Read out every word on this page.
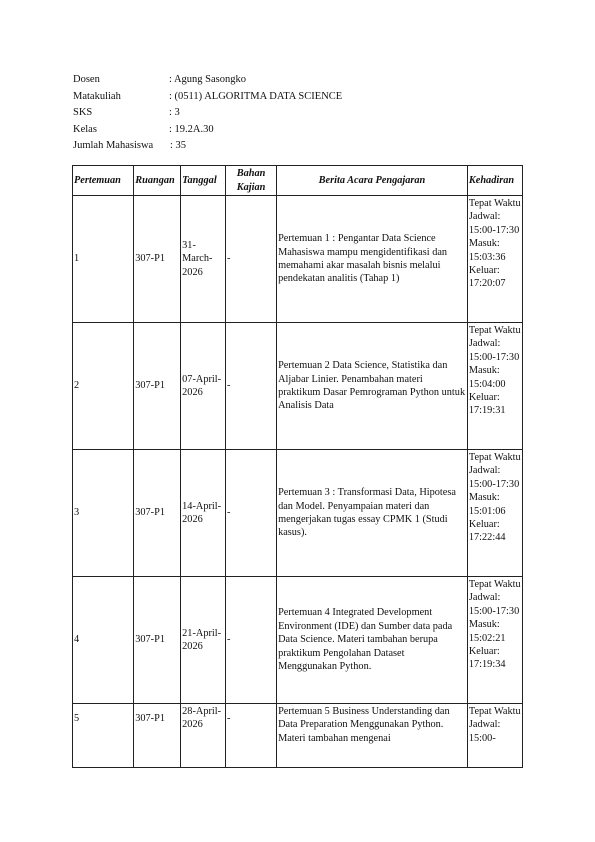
Dosen	: Agung Sasongko
Matakuliah	: (0511) ALGORITMA DATA SCIENCE
SKS	: 3
Kelas	: 19.2A.30
Jumlah Mahasiswa : 35
Pertemuan	Ruangan	Tanggal	Bahan Kajian	Berita Acara Pengajaran	Kehadiran
1	307-P1	31-March-2026	-	Pertemuan 1 : Pengantar Data Science Mahasiswa mampu mengidentifikasi dan memahami akar masalah bisnis melalui pendekatan analitis (Tahap 1)	Tepat Waktu Jadwal: 15:00-17:30 Masuk: 15:03:36 Keluar: 17:20:07
2	307-P1	07-April-2026	-	Pertemuan 2 Data Science, Statistika dan Aljabar Linier. Penambahan materi praktikum Dasar Pemrograman Python untuk Analisis Data	Tepat Waktu Jadwal: 15:00-17:30 Masuk: 15:04:00 Keluar: 17:19:31
3	307-P1	14-April-2026	-	Pertemuan 3 : Transformasi Data, Hipotesa dan Model. Penyampaian materi dan mengerjakan tugas essay CPMK 1 (Studi kasus).	Tepat Waktu Jadwal: 15:00-17:30 Masuk: 15:01:06 Keluar: 17:22:44
4	307-P1	21-April-2026	-	Pertemuan 4 Integrated Development Environment (IDE) dan Sumber data pada Data Science. Materi tambahan berupa praktikum Pengolahan Dataset Menggunakan Python.	Tepat Waktu Jadwal: 15:00-17:30 Masuk: 15:02:21 Keluar: 17:19:34
5	307-P1	28-April-2026	-	Pertemuan 5 Business Understanding dan Data Preparation Menggunakan Python. Materi tambahan mengenai	Tepat Waktu Jadwal: 15:00-
